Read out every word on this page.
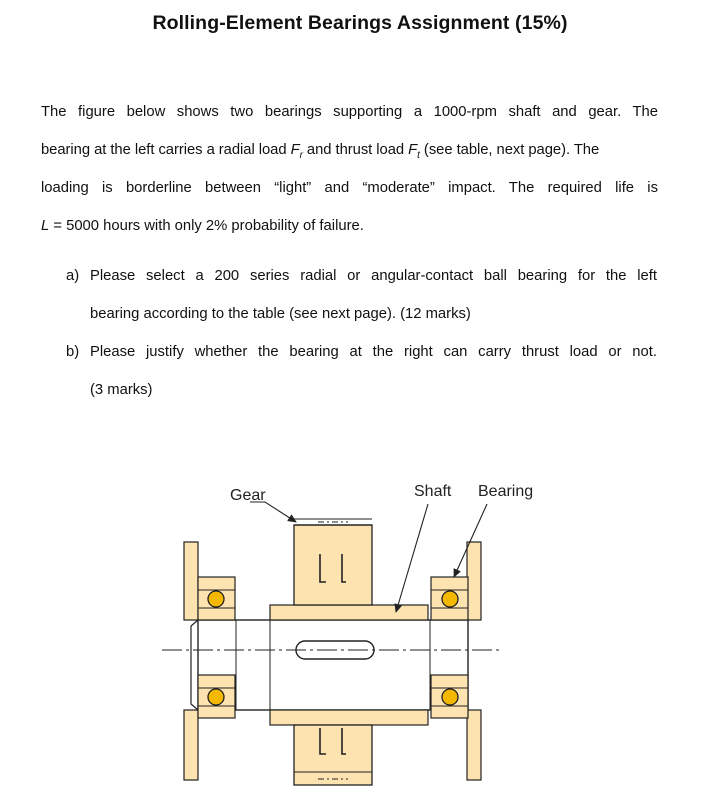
Rolling-Element Bearings Assignment (15%)
The figure below shows two bearings supporting a 1000-rpm shaft and gear. The
bearing at the left carries a radial load $F_r$ and thrust load $F_t$ (see table, next page). The
loading is borderline between “light” and “moderate” impact. The required life is
L = 5000 hours with only 2% probability of failure.
a) Please select a 200 series radial or angular-contact ball bearing for the left
bearing according to the table (see next page). (12 marks)
b) Please justify whether the bearing at the right can carry thrust load or not.
(3 marks)
Gear	Shaft Bearing
